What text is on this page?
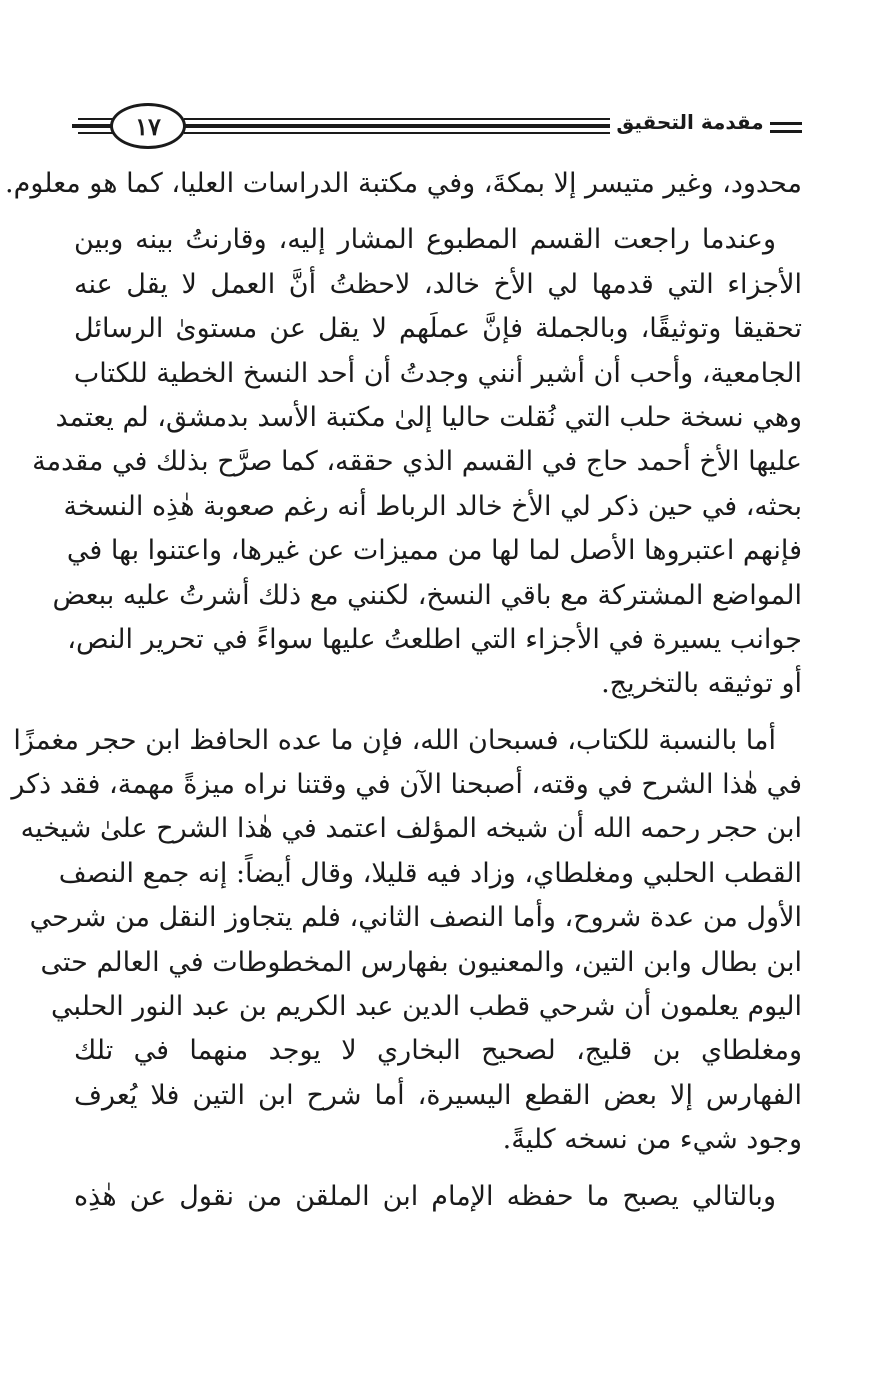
١٧	مقدمة التحقيق
محدود، وغير متيسر إلا بمكةَ، وفي مكتبة الدراسات العليا، كما هو معلوم.
وعندما راجعت القسم المطبوع المشار إليه، وقارنتُ بينه وبين
الأجزاء التي قدمها لي الأخ خالد، لاحظتُ أنَّ العمل لا يقل عنه
تحقيقا وتوثيقًا، وبالجملة فإنَّ عملَهم لا يقل عن مستوىٰ الرسائل
الجامعية، وأحب أن أشير أنني وجدتُ أن أحد النسخ الخطية للكتاب
وهي نسخة حلب التي نُقلت حاليا إلىٰ مكتبة الأسد بدمشق، لم يعتمد
عليها الأخ أحمد حاج في القسم الذي حققه، كما صرَّح بذلك في مقدمة
بحثه، في حين ذكر لي الأخ خالد الرباط أنه رغم صعوبة هٰذِه النسخة
فإنهم اعتبروها الأصل لما لها من مميزات عن غيرها، واعتنوا بها في
المواضع المشتركة مع باقي النسخ، لكنني مع ذلك أشرتُ عليه ببعض
جوانب يسيرة في الأجزاء التي اطلعتُ عليها سواءً في تحرير النص،
أو توثيقه بالتخريج.
أما بالنسبة للكتاب، فسبحان الله، فإن ما عده الحافظ ابن حجر مغمزًا
في هٰذا الشرح في وقته، أصبحنا الآن في وقتنا نراه ميزةً مهمة، فقد ذكر
ابن حجر رحمه الله أن شيخه المؤلف اعتمد في هٰذا الشرح علىٰ شيخيه
القطب الحلبي ومغلطاي، وزاد فيه قليلا، وقال أيضاً: إنه جمع النصف
الأول من عدة شروح، وأما النصف الثاني، فلم يتجاوز النقل من شرحي
ابن بطال وابن التين، والمعنيون بفهارس المخطوطات في العالم حتى
اليوم يعلمون أن شرحي قطب الدين عبد الكريم بن عبد النور الحلبي
ومغلطاي بن قليج، لصحيح البخاري لا يوجد منهما في تلك
الفهارس إلا بعض القطع اليسيرة، أما شرح ابن التين فلا يُعرف
وجود شيء من نسخه كليةً.
وبالتالي يصبح ما حفظه الإمام ابن الملقن من نقول عن هٰذِه
